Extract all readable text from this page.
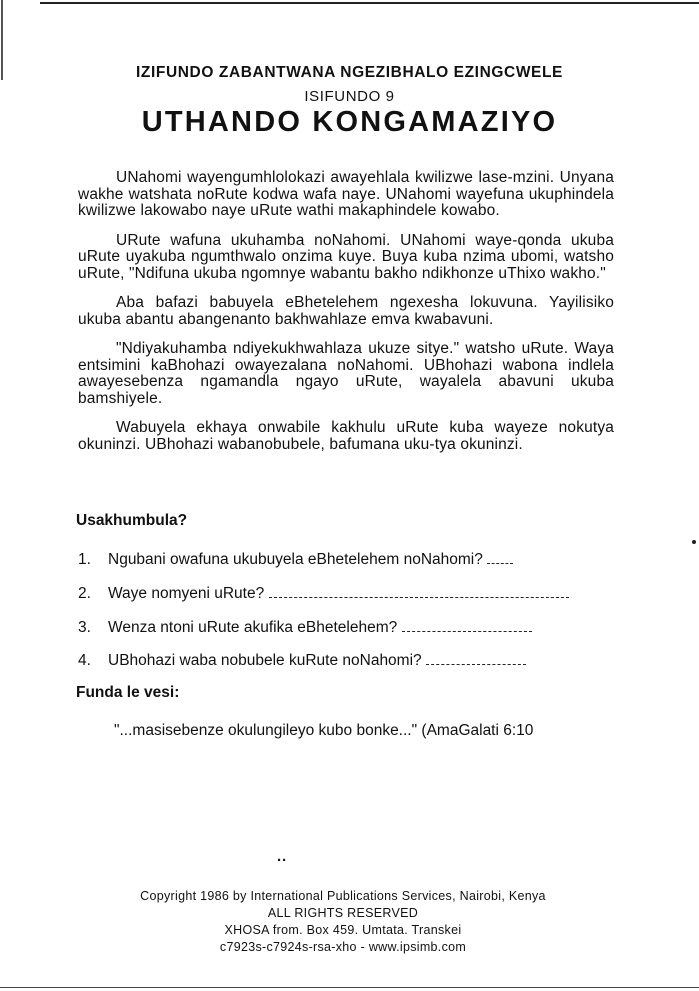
IZIFUNDO ZABANTWANA NGEZIBHALO EZINGCWELE
ISIFUNDO 9
UTHANDO KONGAMAZIYO

UNahomi wayengumhlolokazi awayehlala kwilizwe lase-mzini. Unyana wakhe watshata noRute kodwa wafa naye. UNahomi wayefuna ukuphindela kwilizwe lakowabo naye uRute wathi makaphindele kowabo.

URute wafuna ukuhamba noNahomi. UNahomi waye-qonda ukuba uRute uyakuba ngumthwalo onzima kuye. Buya kuba nzima ubomi, watsho uRute, "Ndifuna ukuba ngomnye wabantu bakho ndikhonze uThixo wakho."

Aba bafazi babuyela eBhetelehem ngexesha lokuvuna. Yayilisiko ukuba abantu abangenanto bakhwahlaze emva kwabavuni.

"Ndiyakuhamba ndiyekukhwahlaza ukuze sitye." watsho uRute. Waya entsimini kaBhohazi owayezalana noNahomi. UBhohazi wabona indlela awayesebenza ngamandla ngayo uRute, wayalela abavuni ukuba bamshiyele.

Wabuyela ekhaya onwabile kakhulu uRute kuba wayeze nokutya okuninzi. UBhohazi wabanobubele, bafumana uku-tya okuninzi.

Usakhumbula?
1. Ngubani owafuna ukubuyela eBhetelehem noNahomi?
2. Waye nomyeni uRute?
3. Wenza ntoni uRute akufika eBhetelehem?
4. UBhohazi waba nobubele kuRute noNahomi?
Funda le vesi:
"...masisebenze okulungileyo kubo bonke..." (AmaGalati 6:10
··
Copyright 1986 by International Publications Services, Nairobi, Kenya
ALL RIGHTS RESERVED
XHOSA from. Box 459. Umtata. Transkei
c7923s-c7924s-rsa-xho - www.ipsimb.com
